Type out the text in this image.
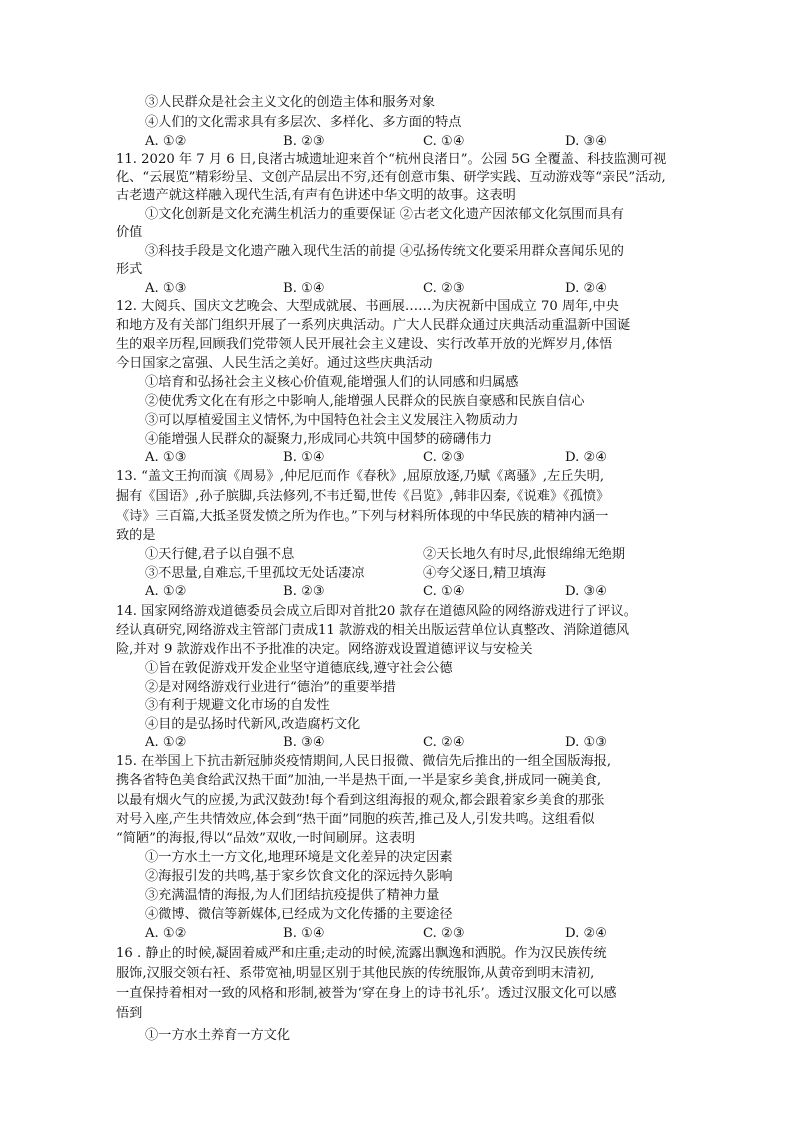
③人民群众是社会主义文化的创造主体和服务对象
④人们的文化需求具有多层次、多样化、多方面的特点
A. ①②	B. ②③	C. ①④	D. ③④
11. 2020 年 7 月 6 日,良渚古城遗址迎来首个“杭州良渚日”。公园 5G 全覆盖、科技监测可视
化、“云展览”精彩纷呈、文创产品层出不穷,还有创意市集、研学实践、互动游戏等“亲民”活动,
古老遗产就这样融入现代生活,有声有色讲述中华文明的故事。这表明
①文化创新是文化充满生机活力的重要保证 ②古老文化遗产因浓郁文化氛围而具有
价值
③科技手段是文化遗产融入现代生活的前提 ④弘扬传统文化要采用群众喜闻乐见的
形式
A. ①③	B. ①④	C. ②③	D. ②④
12. 大阅兵、国庆文艺晚会、大型成就展、书画展……为庆祝新中国成立 70 周年,中央
和地方及有关部门组织开展了一系列庆典活动。广大人民群众通过庆典活动重温新中国诞
生的艰辛历程,回顾我们党带领人民开展社会主义建设、实行改革开放的光辉岁月,体悟
今日国家之富强、人民生活之美好。通过这些庆典活动
①培育和弘扬社会主义核心价值观,能增强人们的认同感和归属感
②使优秀文化在有形之中影响人,能增强人民群众的民族自豪感和民族自信心
③可以厚植爱国主义情怀,为中国特色社会主义发展注入物质动力
④能增强人民群众的凝聚力,形成同心共筑中国梦的磅礴伟力
A. ①③	B. ①④	C. ②③	D. ②④
13. “盖文王拘而演《周易》,仲尼厄而作《春秋》,屈原放逐,乃赋《离骚》,左丘失明,
掘有《国语》,孙子膑脚,兵法修列,不韦迁蜀,世传《吕览》,韩非囚秦,《说难》《孤愤》
《诗》三百篇,大抵圣贤发愤之所为作也。”下列与材料所体现的中华民族的精神内涵一
致的是
①天行健,君子以自强不息	②天长地久有时尽,此恨绵绵无绝期
③不思量,自难忘,千里孤坟无处话凄凉	④夸父逐日,精卫填海
A. ①②	B. ②③	C. ①④	D. ③④
14. 国家网络游戏道德委员会成立后即对首批20 款存在道德风险的网络游戏进行了评议。
经认真研究,网络游戏主管部门责成11 款游戏的相关出版运营单位认真整改、消除道德风
险,并对 9 款游戏作出不予批准的决定。网络游戏设置道德评议与安检关
①旨在敦促游戏开发企业坚守道德底线,遵守社会公德
②是对网络游戏行业进行“德治”的重要举措
③有利于规避文化市场的自发性
④目的是弘扬时代新风,改造腐朽文化
A. ①②	B. ③④	C. ②④	D. ①③
15. 在举国上下抗击新冠肺炎疫情期间,人民日报微、微信先后推出的一组全国版海报,
携各省特色美食给武汉热干面”加油,一半是热干面,一半是家乡美食,拼成同一碗美食,
以最有烟火气的应援,为武汉鼓劲!每个看到这组海报的观众,都会跟着家乡美食的那张
对号入座,产生共情效应,体会到“热干面”同胞的疾苦,推己及人,引发共鸣。这组看似
“简陋”的海报,得以“品效”双收,一时间刷屏。这表明
①一方水土一方文化,地理环境是文化差异的决定因素
②海报引发的共鸣,基于家乡饮食文化的深远持久影响
③充满温情的海报,为人们团结抗疫提供了精神力量
④微博、微信等新媒体,已经成为文化传播的主要途径
A. ①②	B. ①④	C. ②③	D. ②④
16 . 静止的时候,凝固着威严和庄重;走动的时候,流露出飘逸和洒脱。作为汉民族传统
服饰,汉服交领右衽、系带宽袖,明显区别于其他民族的传统服饰,从黄帝到明末清初,
一直保持着相对一致的风格和形制,被誉为‘穿在身上的诗书礼乐’。透过汉服文化可以感
悟到
①一方水土养育一方文化
